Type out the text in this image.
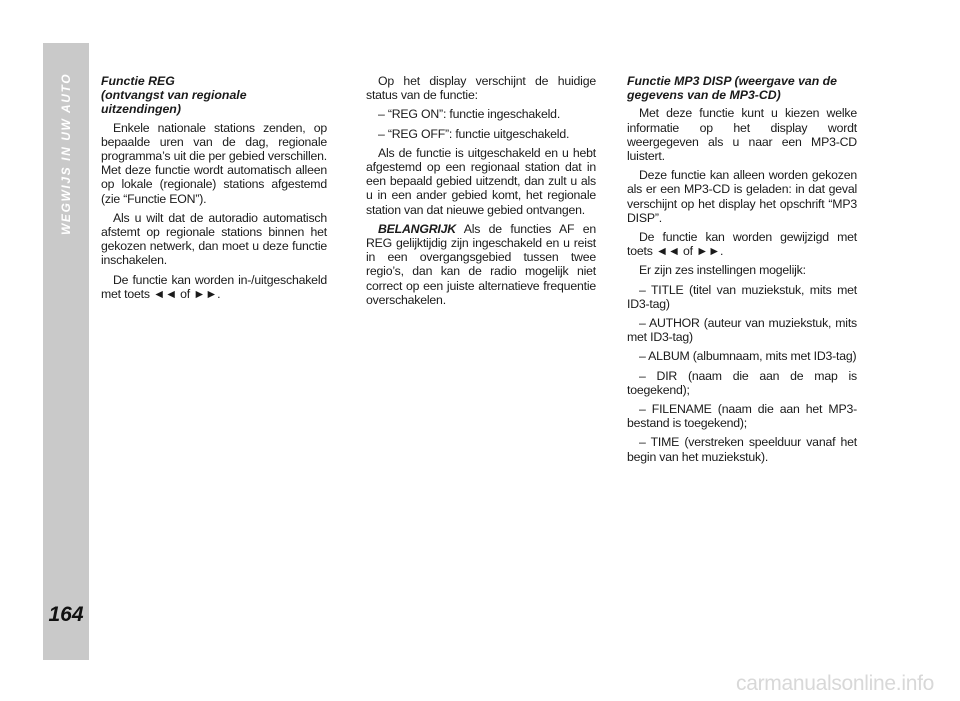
WEGWIJS IN UW AUTO
164
Functie REG
(ontvangst van regionale uitzendingen)

Enkele nationale stations zenden, op bepaalde uren van de dag, regionale programma’s uit die per gebied verschillen. Met deze functie wordt automatisch alleen op lokale (regionale) stations afgestemd (zie “Functie EON”).

Als u wilt dat de autoradio automatisch afstemt op regionale stations binnen het gekozen netwerk, dan moet u deze functie inschakelen.

De functie kan worden in-/uitgeschakeld met toets ◄◄ of ►►.

Op het display verschijnt de huidige status van de functie:

– “REG ON”: functie ingeschakeld.

– “REG OFF”: functie uitgeschakeld.

Als de functie is uitgeschakeld en u hebt afgestemd op een regionaal station dat in een bepaald gebied uitzendt, dan zult u als u in een ander gebied komt, het regionale station van dat nieuwe gebied ontvangen.

BELANGRIJK Als de functies AF en REG gelijktijdig zijn ingeschakeld en u reist in een overgangsgebied tussen twee regio’s, dan kan de radio mogelijk niet correct op een juiste alternatieve frequentie overschakelen.

Functie MP3 DISP (weergave van de gegevens van de MP3-CD)

Met deze functie kunt u kiezen welke informatie op het display wordt weergegeven als u naar een MP3-CD luistert.

Deze functie kan alleen worden gekozen als er een MP3-CD is geladen: in dat geval verschijnt op het display het opschrift “MP3 DISP”.

De functie kan worden gewijzigd met toets ◄◄ of ►►.

Er zijn zes instellingen mogelijk:

– TITLE (titel van muziekstuk, mits met ID3-tag)

– AUTHOR (auteur van muziekstuk, mits met ID3-tag)

– ALBUM (albumnaam, mits met ID3-tag)

– DIR (naam die aan de map is toegekend);

– FILENAME (naam die aan het MP3-bestand is toegekend);

– TIME (verstreken speelduur vanaf het begin van het muziekstuk).

carmanualsonline.info
